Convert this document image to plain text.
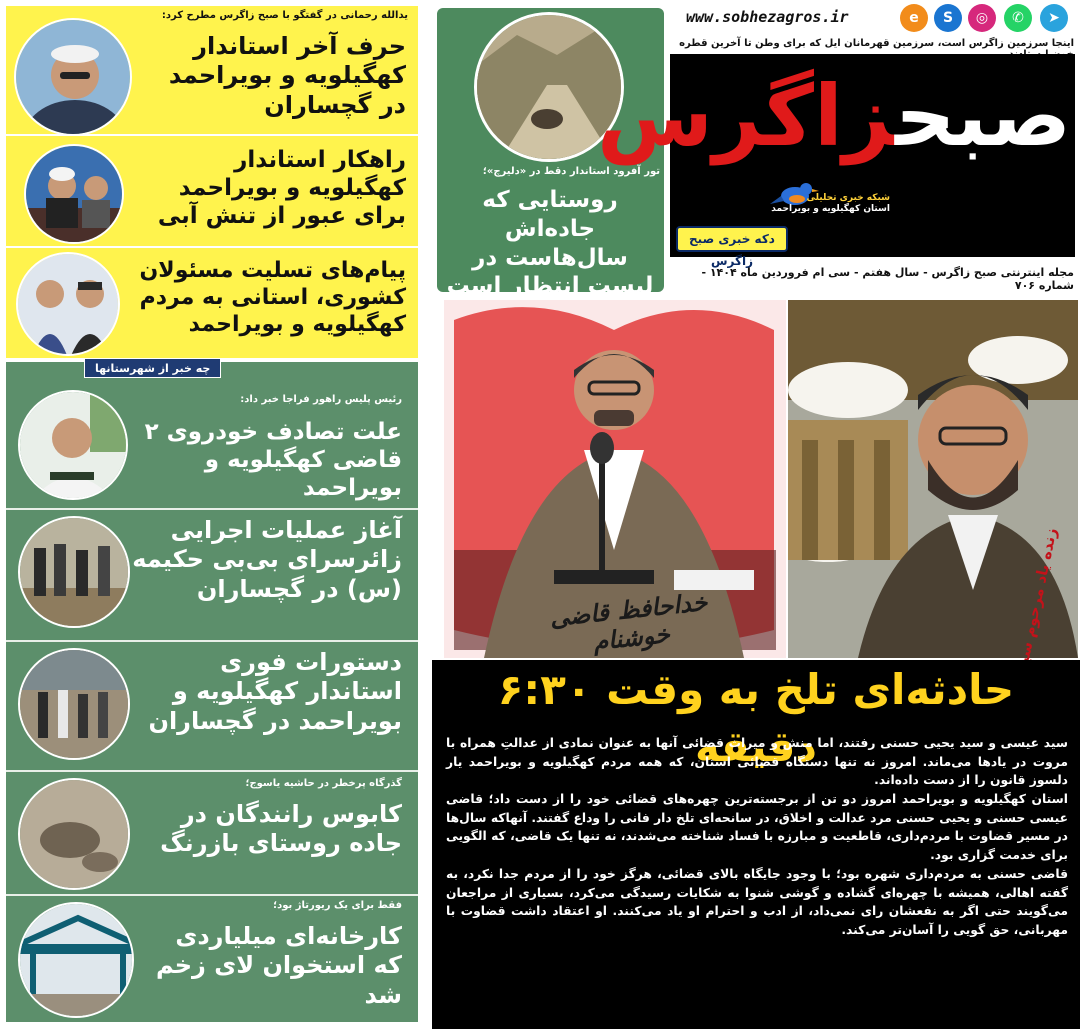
یدالله رحمانی در گفتگو با صبح زاگرس مطرح کرد:
حرف آخر استاندار کهگیلویه و بویراحمد در گچساران
راهکار استاندار کهگیلویه و بویراحمد برای عبور از تنش آبی
پیام‌های تسلیت مسئولان کشوری، استانی به مردم کهگیلویه و بویراحمد
چه خبر از شهرستانها
رئیس پلیس راهور فراجا خبر داد:
علت تصادف خودروی ۲ قاضی کهگیلویه و بویراحمد
آغاز عملیات اجرایی زائرسرای بی‌بی حکیمه (س) در گچساران
دستورات فوری استاندار کهگیلویه و بویراحمد در گچساران
گذرگاه پرخطر در حاشیه یاسوج؛
کابوس رانندگان در جاده روستای بازرنگ
فقط برای یک ریورتاژ بود؛
کارخانه‌ای میلیاردی که استخوان لای زخم شد
تور آفرود استاندار دقط در «دلیرچ»؛
روستایی که جاده‌اش سال‌هاست در لیست انتظار است
www.sobhezagros.ir	e	S	◎	✆	➤
اینجا سرزمین زاگرس است، سرزمین قهرمانان ایل که برای وطن تا آخرین قطره
صبحزاگرس
شبکه خبری تحلیلی
استان کهگیلویه و بویراحمد
دکه خبری صبح زاگرس
مجله اینترنتی صبح زاگرس - سال هفتم - سی ام فروردین ماه ۱۴۰۴ - شماره ۷۰۶
خداحافظ قاضی خوشنام
حادثه‌ای تلخ به وقت ۶:۳۰ دقیقه

سید عیسی و سید یحیی حسنی رفتند، اما منش و میراث قضائی آنها به عنوان نمادی از عدالتِ همراه با مروت در یادها می‌ماند. امروز نه تنها دستگاه قضائی استان، که همه مردم کهگیلویه و بویراحمد یار دلسوز قانون را از دست داده‌اند.

استان کهگیلویه و بویراحمد امروز دو تن از برجسته‌ترین چهره‌های قضائی خود را از دست داد؛ قاضی عیسی حسنی و یحیی حسنی مرد عدالت و اخلاق، در سانحه‌ای تلخ دار فانی را وداع گفتند. آنهاکه سال‌ها در مسیر قضاوت با مردم‌داری، قاطعیت و مبارزه با فساد شناخته می‌شدند، نه تنها یک قاضی، که الگویی برای خدمت گزاری بود.

قاضی حسنی به مردم‌داری شهره بود؛ با وجود جایگاه بالای قضائی، هرگز خود را از مردم جدا نکرد، به گفته اهالی، همیشه با چهره‌ای گشاده و گوشی شنوا به شکایات رسیدگی می‌کرد، بسیاری از مراجعان می‌گویند حتی اگر به نفعشان رای نمی‌داد، از ادب و احترام او یاد می‌کنند. او اعتقاد داشت قضاوت با مهربانی، حق گویی را آسان‌تر می‌کند.
